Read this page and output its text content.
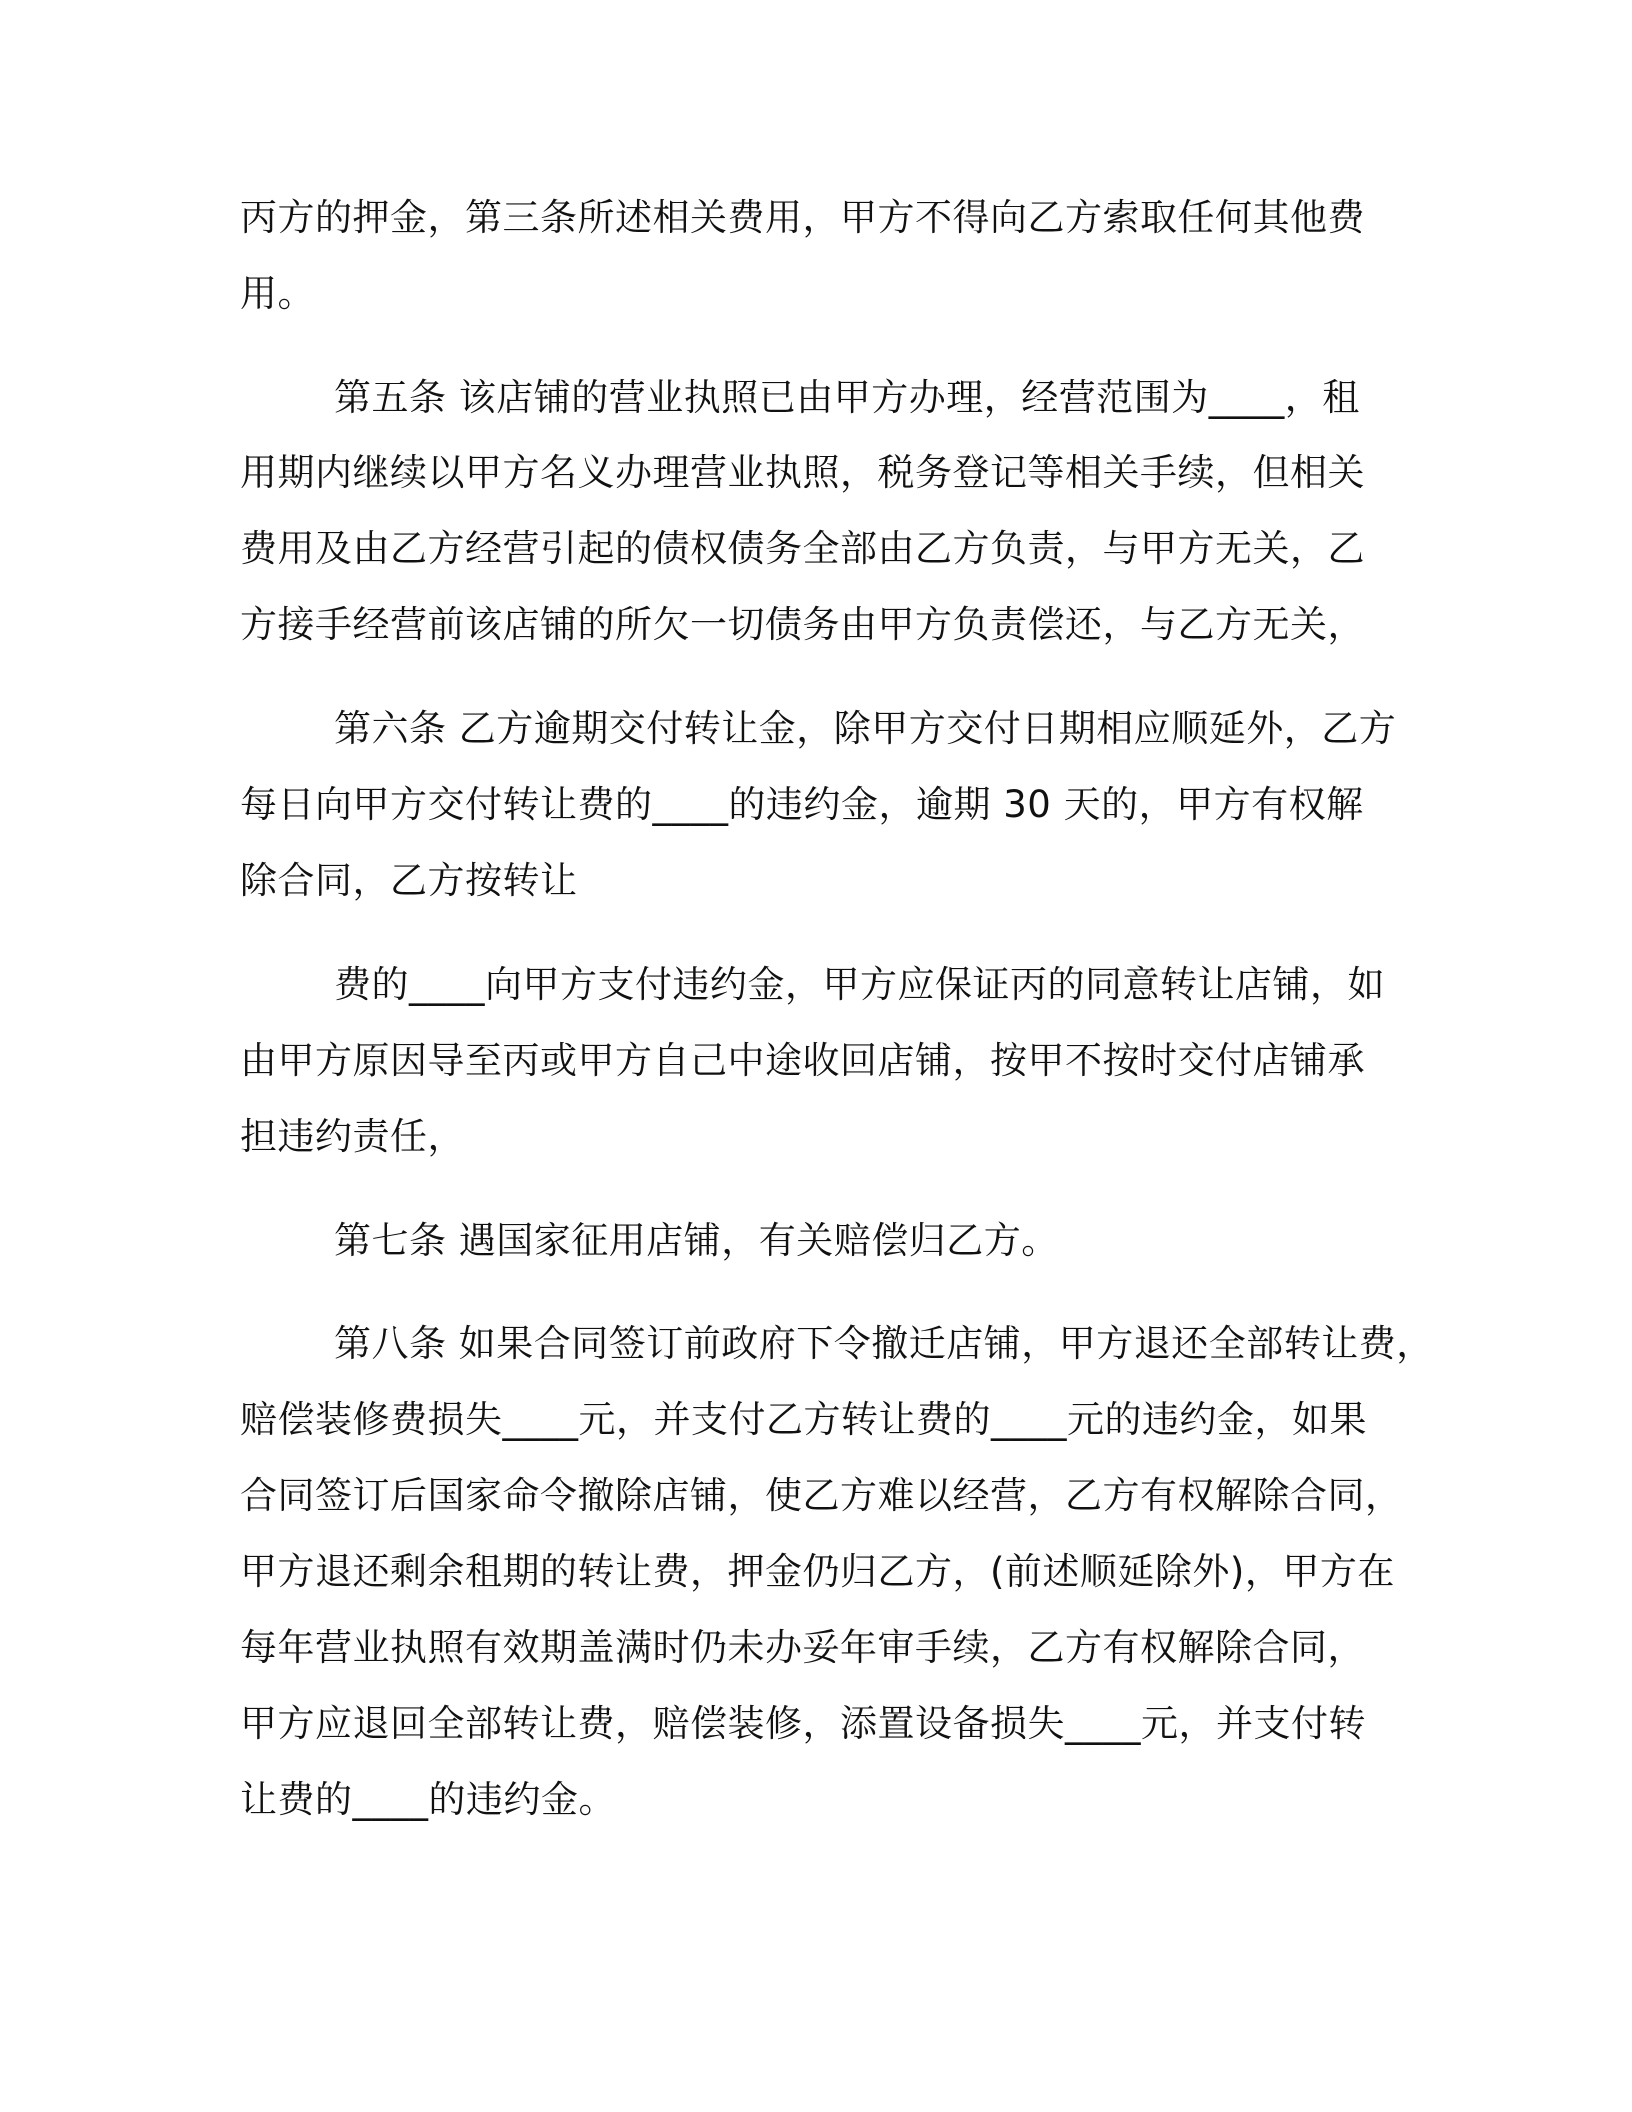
丙方的押金，第三条所述相关费用，甲方不得向乙方索取任何其他费
用。
第五条 该店铺的营业执照已由甲方办理，经营范围为____，租
用期内继续以甲方名义办理营业执照，税务登记等相关手续，但相关
费用及由乙方经营引起的债权债务全部由乙方负责，与甲方无关，乙
方接手经营前该店铺的所欠一切债务由甲方负责偿还，与乙方无关，
第六条 乙方逾期交付转让金，除甲方交付日期相应顺延外，乙方
每日向甲方交付转让费的____的违约金，逾期 30 天的，甲方有权解
除合同，乙方按转让
费的____向甲方支付违约金，甲方应保证丙的同意转让店铺，如
由甲方原因导至丙或甲方自己中途收回店铺，按甲不按时交付店铺承
担违约责任，
第七条 遇国家征用店铺，有关赔偿归乙方。
第八条 如果合同签订前政府下令撤迁店铺，甲方退还全部转让费，
赔偿装修费损失____元，并支付乙方转让费的____元的违约金，如果
合同签订后国家命令撤除店铺，使乙方难以经营，乙方有权解除合同，
甲方退还剩余租期的转让费，押金仍归乙方，(前述顺延除外)，甲方在
每年营业执照有效期盖满时仍未办妥年审手续，乙方有权解除合同，
甲方应退回全部转让费，赔偿装修，添置设备损失____元，并支付转
让费的____的违约金。
